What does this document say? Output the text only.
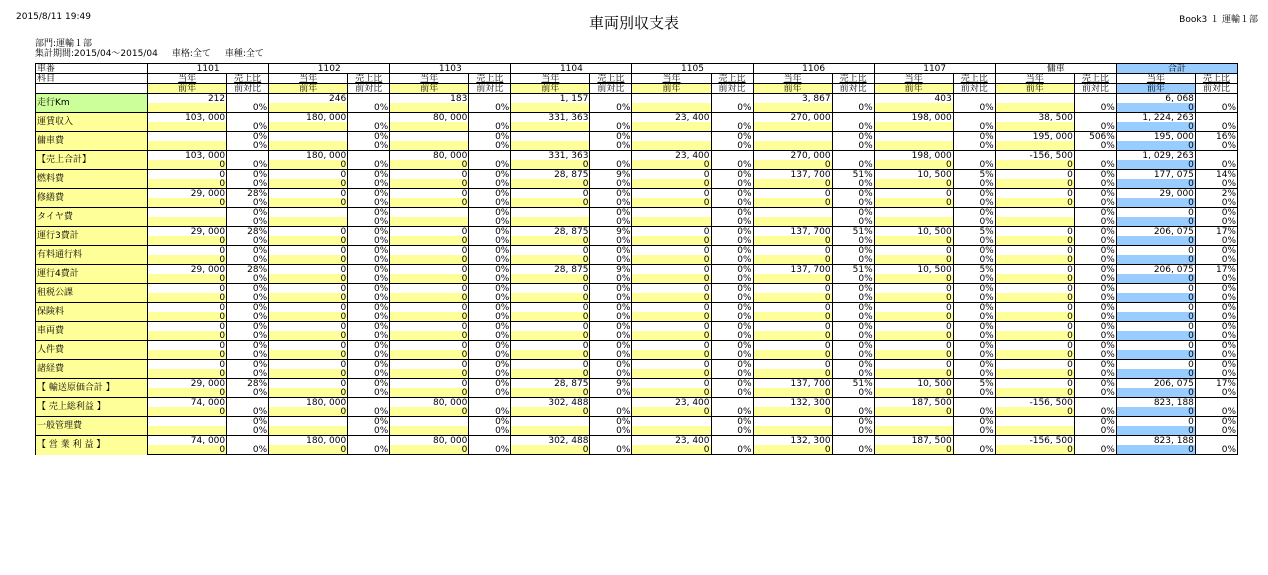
2015/8/11 19:49	車両別収支表	Book3 １ 運輸１部
部門:運輸１部
集計期間:2015/04～2015/04 車格:全て 車種:全て
車番	1101		1102		1103		1104		1105		1106		1107		傭車		合計	
科目	当年	売上比	当年	売上比	当年	売上比	当年	売上比	当年	売上比	当年	売上比	当年	売上比	当年	売上比	当年	売上比
	前年	前対比	前年	前対比	前年	前対比	前年	前対比	前年	前対比	前年	前対比	前年	前対比	前年	前対比	前年	前対比
走行Km	212		246		183		1, 157				3, 867		403				6, 068	
		0%		0%		0%		0%		0%		0%		0%		0%	0	0%
運賃収入	103, 000		180, 000		80, 000		331, 363		23, 400		270, 000		198, 000		38, 500		1, 224, 263	
		0%		0%		0%		0%		0%		0%		0%		0%	0	0%
傭車費		0%		0%		0%		0%		0%		0%		0%	195, 000	506%	195, 000	16%
		0%		0%		0%		0%		0%		0%		0%		0%	0	0%
【売上合計】	103, 000		180, 000		80, 000		331, 363		23, 400		270, 000		198, 000		-156, 500		1, 029, 263	
	0	0%	0	0%	0	0%	0	0%	0	0%	0	0%	0	0%	0	0%	0	0%
燃料費	0	0%	0	0%	0	0%	28, 875	9%	0	0%	137, 700	51%	10, 500	5%	0	0%	177, 075	14%
	0	0%	0	0%	0	0%	0	0%	0	0%	0	0%	0	0%	0	0%	0	0%
修繕費	29, 000	28%	0	0%	0	0%	0	0%	0	0%	0	0%	0	0%	0	0%	29, 000	2%
	0	0%	0	0%	0	0%	0	0%	0	0%	0	0%	0	0%	0	0%	0	0%
タイヤ費		0%		0%		0%		0%		0%		0%		0%		0%	0	0%
		0%		0%		0%		0%		0%		0%		0%		0%	0	0%
運行3費計	29, 000	28%	0	0%	0	0%	28, 875	9%	0	0%	137, 700	51%	10, 500	5%	0	0%	206, 075	17%
	0	0%	0	0%	0	0%	0	0%	0	0%	0	0%	0	0%	0	0%	0	0%
有料通行料	0	0%	0	0%	0	0%	0	0%	0	0%	0	0%	0	0%	0	0%	0	0%
	0	0%	0	0%	0	0%	0	0%	0	0%	0	0%	0	0%	0	0%	0	0%
運行4費計	29, 000	28%	0	0%	0	0%	28, 875	9%	0	0%	137, 700	51%	10, 500	5%	0	0%	206, 075	17%
	0	0%	0	0%	0	0%	0	0%	0	0%	0	0%	0	0%	0	0%	0	0%
租税公課	0	0%	0	0%	0	0%	0	0%	0	0%	0	0%	0	0%	0	0%	0	0%
	0	0%	0	0%	0	0%	0	0%	0	0%	0	0%	0	0%	0	0%	0	0%
保険料	0	0%	0	0%	0	0%	0	0%	0	0%	0	0%	0	0%	0	0%	0	0%
	0	0%	0	0%	0	0%	0	0%	0	0%	0	0%	0	0%	0	0%	0	0%
車両費	0	0%	0	0%	0	0%	0	0%	0	0%	0	0%	0	0%	0	0%	0	0%
	0	0%	0	0%	0	0%	0	0%	0	0%	0	0%	0	0%	0	0%	0	0%
人件費	0	0%	0	0%	0	0%	0	0%	0	0%	0	0%	0	0%	0	0%	0	0%
	0	0%	0	0%	0	0%	0	0%	0	0%	0	0%	0	0%	0	0%	0	0%
諸経費	0	0%	0	0%	0	0%	0	0%	0	0%	0	0%	0	0%	0	0%	0	0%
	0	0%	0	0%	0	0%	0	0%	0	0%	0	0%	0	0%	0	0%	0	0%
【 輸送原価合計 】	29, 000	28%	0	0%	0	0%	28, 875	9%	0	0%	137, 700	51%	10, 500	5%	0	0%	206, 075	17%
	0	0%	0	0%	0	0%	0	0%	0	0%	0	0%	0	0%	0	0%	0	0%
【 売上総利益 】	74, 000		180, 000		80, 000		302, 488		23, 400		132, 300		187, 500		-156, 500		823, 188	
	0	0%	0	0%	0	0%	0	0%	0	0%	0	0%	0	0%	0	0%	0	0%
一般管理費		0%		0%		0%		0%		0%		0%		0%		0%	0	0%
		0%		0%		0%		0%		0%		0%		0%		0%	0	0%
【 営 業 利 益 】	74, 000		180, 000		80, 000		302, 488		23, 400		132, 300		187, 500		-156, 500		823, 188	
	0	0%	0	0%	0	0%	0	0%	0	0%	0	0%	0	0%	0	0%	0	0%
